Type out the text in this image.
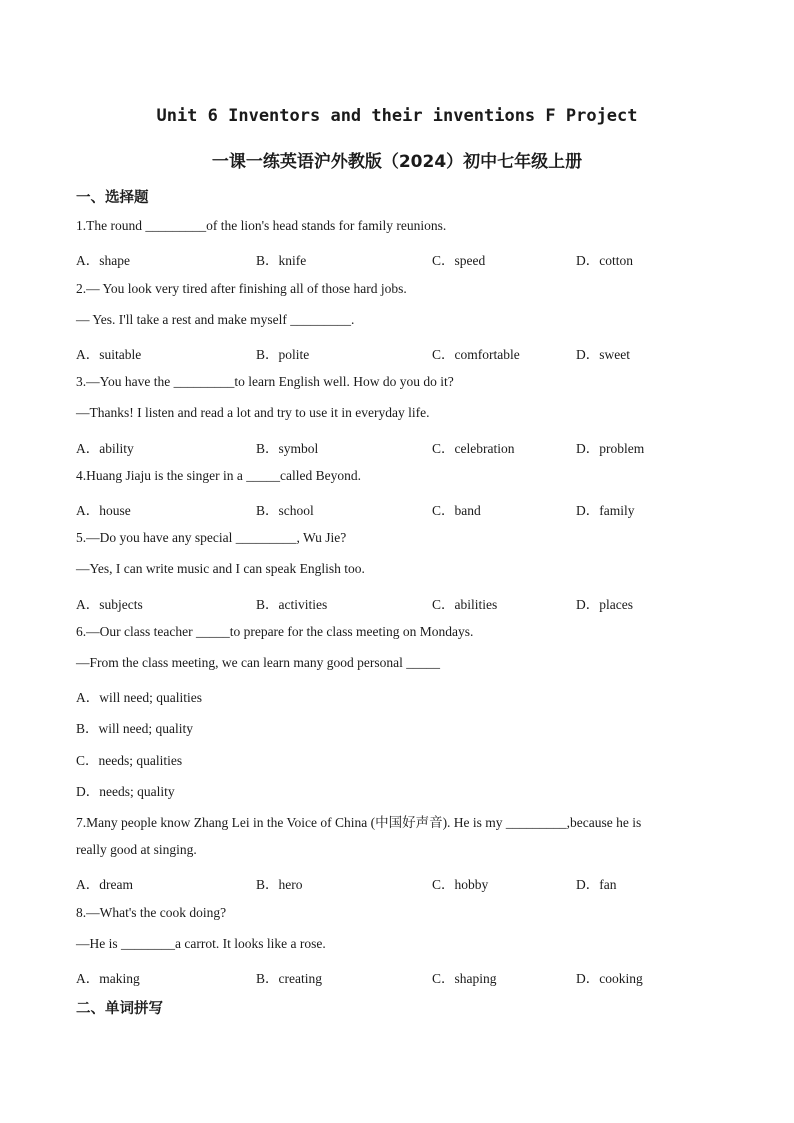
Unit 6 Inventors and their inventions F Project
一课一练英语沪外教版（2024）初中七年级上册
一、选择题
1.The round _________of the lion's head stands for family reunions.
A．shape	B．knife	C．speed	D．cotton
2.— You look very tired after finishing all of those hard jobs.
— Yes. I'll take a rest and make myself _________.
A．suitable	B．polite	C．comfortable	D．sweet
3.—You have the _________to learn English well. How do you do it?
—Thanks! I listen and read a lot and try to use it in everyday life.
A．ability	B．symbol	C．celebration	D．problem
4.Huang Jiaju is the singer in a _____called Beyond.
A．house	B．school	C．band	D．family
5.—Do you have any special _________, Wu Jie?
—Yes, I can write music and I can speak English too.
A．subjects	B．activities	C．abilities	D．places
6.—Our class teacher _____to prepare for the class meeting on Mondays.
—From the class meeting, we can learn many good personal _____
A．will need; qualities
B．will need; quality
C．needs; qualities
D．needs; quality
7.Many people know Zhang Lei in the Voice of China (中国好声音). He is my _________,because he is
really good at singing.
A．dream	B．hero	C．hobby	D．fan
8.—What's the cook doing?
—He is ________a carrot. It looks like a rose.
A．making	B．creating	C．shaping	D．cooking
二、单词拼写
